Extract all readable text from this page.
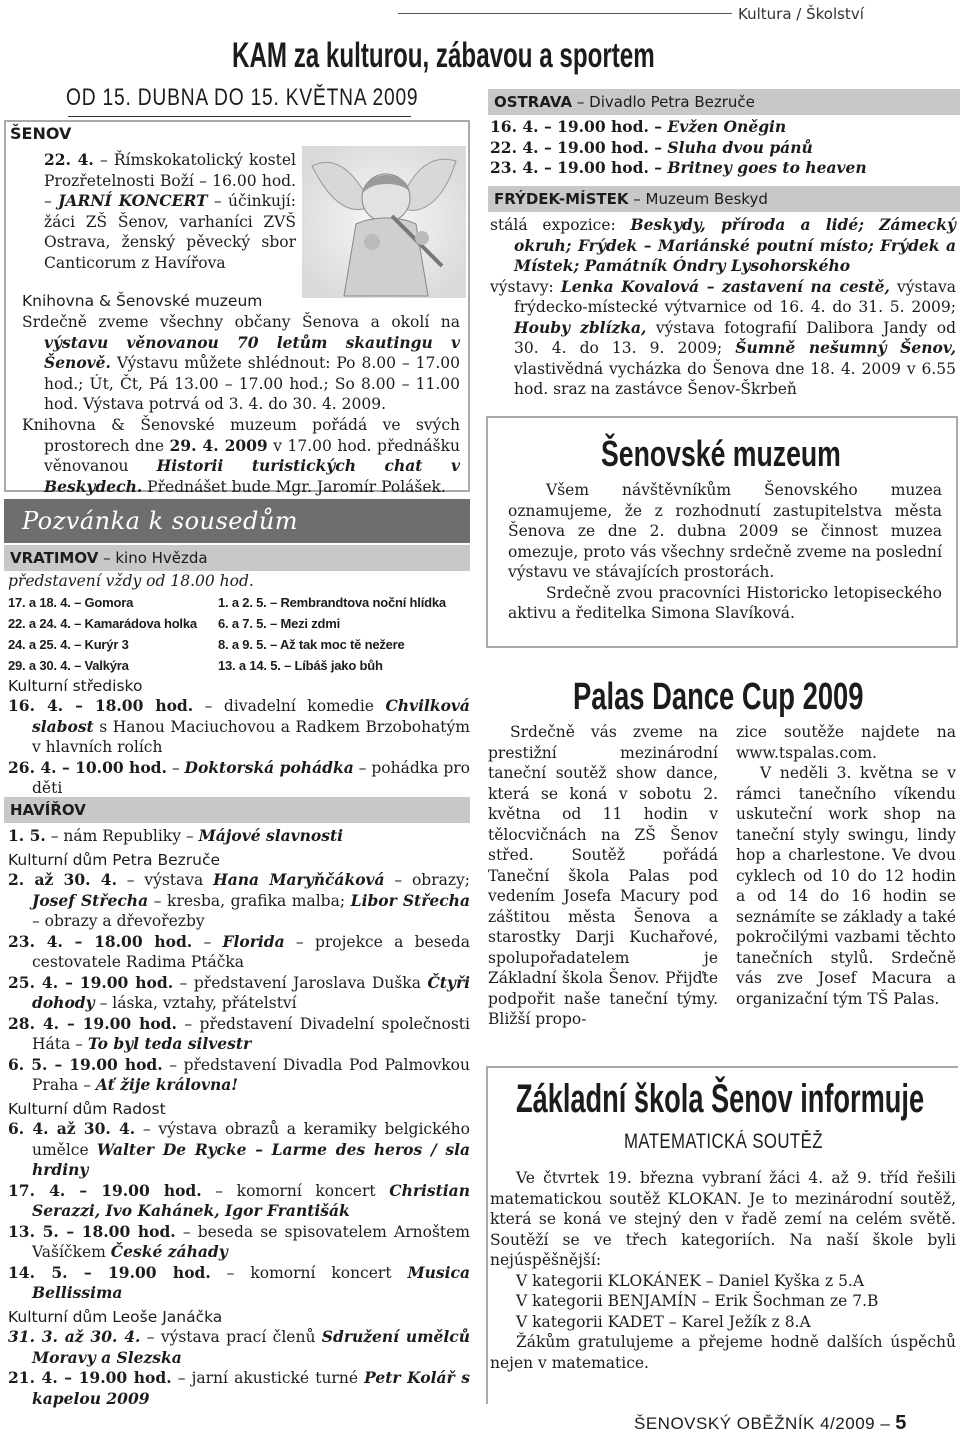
Kultura / Školství
KAM za kulturou, zábavou a sportem
OD 15. DUBNA DO 15. KVĚTNA 2009
ŠENOV

22. 4. – Římskokatolický kostel Prozřetelnosti Boží – 16.00 hod. – JARNÍ KONCERT – účinkují: žáci ZŠ Šenov, varhaníci ZVŠ Ostrava, ženský pěvecký sbor Canticorum z Havířova

Knihovna & Šenovské muzeum

Srdečně zveme všechny občany Šenova a okolí na výstavu věnovanou 70 letům skautingu v Šenově. Výstavu můžete shlédnout: Po 8.00 – 17.00 hod.; Út, Čt, Pá 13.00 – 17.00 hod.; So 8.00 – 11.00 hod. Výstava potrvá od 3. 4. do 30. 4. 2009.

Knihovna & Šenovské muzeum pořádá ve svých prostorech dne 29. 4. 2009 v 17.00 hod. přednášku věnovanou Historii turistických chat v Beskydech. Přednášet bude Mgr. Jaromír Polášek.

Pozvánka k sousedům
VRATIMOV – kino Hvězda
představení vždy od 18.00 hod.
17. a 18. 4. – Gomora
22. a 24. 4. – Kamarádova holka
24. a 25. 4. – Kurýr 3
29. a 30. 4. – Valkýra
1. a 2. 5. – Rembrandtova noční hlídka
6. a 7. 5. – Mezi zdmi
8. a 9. 5. – Až tak moc tě nežere
13. a 14. 5. – Líbáš jako bůh
Kulturní středisko

16. 4. – 18.00 hod. – divadelní komedie Chvilková slabost s Hanou Maciuchovou a Radkem Brzobohatým v hlavních rolích

26. 4. – 10.00 hod. – Doktorská pohádka – pohádka pro děti

HAVÍŘOV

1. 5. – nám Republiky – Májové slavnosti

Kulturní dům Petra Bezruče

2. až 30. 4. – výstava Hana Maryňčáková – obrazy; Josef Střecha – kresba, grafika malba; Libor Střecha – obrazy a dřevořezby

23. 4. – 18.00 hod. – Florida – projekce a beseda cestovatele Radima Ptáčka

25. 4. – 19.00 hod. – představení Jaroslava Duška Čtyři dohody – láska, vztahy, přátelství

28. 4. – 19.00 hod. – představení Divadelní společnosti Háta – To byl teda silvestr

6. 5. – 19.00 hod. – představení Divadla Pod Palmovkou Praha – Ať žije královna!

Kulturní dům Radost

6. 4. až 30. 4. – výstava obrazů a keramiky belgického umělce Walter De Rycke – Larme des heros / sla hrdiny

17. 4. – 19.00 hod. – komorní koncert Christian Serazzi, Ivo Kahánek, Igor Františák

13. 5. – 18.00 hod. – beseda se spisovatelem Arnoštem Vašíčkem České záhady

14. 5. – 19.00 hod. – komorní koncert Musica Bellissima

Kulturní dům Leoše Janáčka

31. 3. až 30. 4. – výstava prací členů Sdružení umělců Moravy a Slezska

21. 4. – 19.00 hod. – jarní akustické turné Petr Kolář s kapelou 2009

OSTRAVA – Divadlo Petra Bezruče

16. 4. – 19.00 hod. – Evžen Oněgin

22. 4. – 19.00 hod. – Sluha dvou pánů

23. 4. – 19.00 hod. – Britney goes to heaven

FRÝDEK-MÍSTEK – Muzeum Beskyd

stálá expozice: Beskydy, příroda a lidé; Zámecký okruh; Frýdek – Mariánské poutní místo; Frýdek a Místek; Památník Óndry Lysohorského

výstavy: Lenka Kovalová – zastavení na cestě, výstava frýdecko-místecké výtvarnice od 16. 4. do 31. 5. 2009; Houby zblízka, výstava fotografií Dalibora Jandy od 30. 4. do 13. 9. 2009; Šumně nešumný Šenov, vlastivědná vycházka do Šenova dne 18. 4. 2009 v 6.55 hod. sraz na zastávce Šenov-Škrbeň

Šenovské muzeum

Všem návštěvníkům Šenovského muzea oznamujeme, že z rozhodnutí zastupitelstva města Šenova ze dne 2. dubna 2009 se činnost muzea omezuje, proto vás všechny srdečně zveme na poslední výstavu ve stávajících prostorách.

Srdečně zvou pracovníci Historicko letopiseckého aktivu a ředitelka Simona Slavíková.

Palas Dance Cup 2009

Srdečně vás zveme na prestižní mezinárodní taneční soutěž show dance, která se koná v sobotu 2. května od 11 hodin v tělocvičnách na ZŠ Šenov střed. Soutěž pořádá Taneční škola Palas pod vedením Josefa Macury pod záštitou města Šenova a starostky Darji Kuchařové, spolupořadatelem je Základní škola Šenov. Přijďte podpořit naše taneční týmy. Bližší propo-

zice soutěže najdete na www.tspalas.com.

V neděli 3. května se v rámci tanečního víkendu uskuteční work shop na taneční styly swingu, lindy hop a charlestone. Ve dvou cyklech od 10 do 12 hodin a od 14 do 16 hodin se seznámíte se základy a také pokročilými vazbami těchto tanečních stylů. Srdečně vás zve Josef Macura a organizační tým TŠ Palas.

Základní škola Šenov informuje
MATEMATICKÁ SOUTĚŽ

Ve čtvrtek 19. března vybraní žáci 4. až 9. tříd řešili matematickou soutěž KLOKAN. Je to mezinárodní soutěž, která se koná ve stejný den v řadě zemí na celém světě. Soutěží se ve třech kategoriích. Na naší škole byli nejúspěšnější:

V kategorii KLOKÁNEK – Daniel Kyška z 5.A

V kategorii BENJAMÍN – Erik Šochman ze 7.B

V kategorii KADET – Karel Ježík z 8.A

Žákům gratulujeme a přejeme hodně dalších úspěchů nejen v matematice.

ŠENOVSKÝ OBĚŽNÍK 4/2009 – 5
